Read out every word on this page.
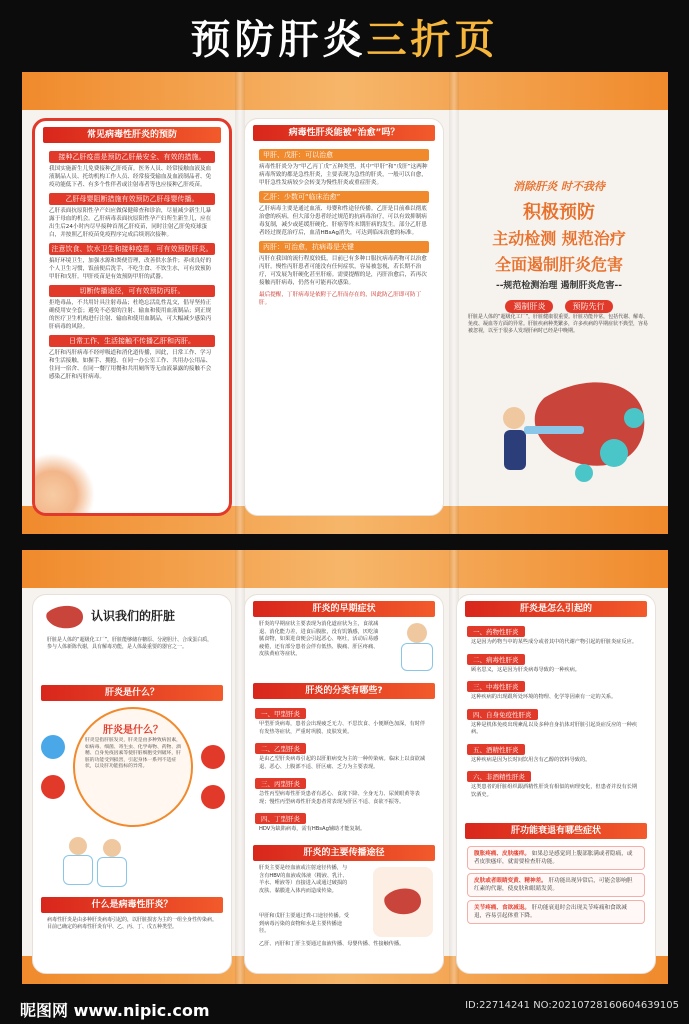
预防肝炎三折页
常见病毒性肝炎的预防
接种乙肝疫苗是预防乙肝最安全、有效的措施。
我国实施新生儿免费接种乙肝疫苗。医务人员、经常接触血液及血液制品人员、托幼机构工作人员、经常接受输血及血液制品者、免疫功能低下者、有多个性伴者或注射毒者等也应接种乙肝疫苗。
乙肝母婴阻断措施有效预防乙肝母婴传播。
乙肝表面抗原阳性孕产妇应做保健筛查和诊治，尽量减少新生儿暴露于母血的机会。乙肝病毒表面抗原阳性孕产妇所生新生儿，应在出生后24小时内尽早接种首剂乙肝疫苗，同时注射乙肝免疫球蛋白，并按照乙肝疫苗免疫程序完成后续剂次接种。
注意饮食、饮水卫生和接种疫苗，可有效预防肝炎。
搞好环境卫生，加强水源和粪便管理，改善供水条件；养成良好的个人卫生习惯，饭前便后洗手，不吃生食、不饮生水，可有效预防甲肝和戊肝。甲肝疫苗是有效预防甲肝的武器。
切断传播途径，可有效预防丙肝。
拒绝毒品，不共用针具注射毒品；杜绝忘活乱性乱交，倡导坚持正确使用安全套；避免不必要的注射、输血和使用血液制品；到正规的医疗卫生机构进行注射、输血和使用血制品，可大幅减少感染丙肝病毒的风险。
日常工作、生活接触不传播乙肝和丙肝。
乙肝和丙肝病毒不经呼吸道和消化道传播，因此，日常工作、学习和生活接触，如握手、拥抱、在同一办公室工作、共用办公用品、住同一宿舍、在同一餐厅用餐和共用厕所等无血液暴露的接触不会感染乙肝和丙肝病毒。
病毒性肝炎能被“治愈”吗？
甲肝、戊肝：可以治愈
病毒性肝炎分为“甲乙丙丁戊”五种类型，其中“甲肝”和“戊肝”这两种病毒所致的都是急性肝炎，主要表现为急性的肝炎，一般可以自愈，甲肝急性发病较少会转变为慢性肝炎或重症肝炎。
乙肝：少数可“临床治愈”
乙肝病毒主要是通过血液、母婴和性途径传播。乙肝是目前难以彻底治愈的疾病，但大部分患者经过规范的抗病毒治疗，可以有效抑制病毒复制，减少或延缓肝硬化、肝癌等终末期肝病的发生。部分乙肝患者经过规范治疗后，血清HBsAg消失，可达到临床治愈的标准。
丙肝：可治愈，抗病毒是关键
丙肝在我国的流行程度较低，目前已有多种口服抗病毒药物可以治愈丙肝。慢性丙肝患者可能没有任何症状，容易被忽视，若长期不治疗，可发展为肝硬化甚至肝癌。需要提醒的是，丙肝治愈后，若再次接触丙肝病毒，仍然有可能再次感染。
最后提醒，丁肝病毒是依附于乙肝而存在的，因此防乙肝即可防丁肝。
消除肝炎 时不我待
积极预防
主动检测 规范治疗
全面遏制肝炎危害
--规范检测治理 遏制肝炎危害--
遏制肝炎	预防先行
肝脏是人体的“超级化工厂”，肝脏健康很重要。肝脏功能异常，包括代谢、解毒、免疫、凝血等方面的异常。肝脏疾病种类繁多，许多疾病的早期症状不典型，容易被忽视，以至于很多人发现肝病时已经是中晚期。
认识我们的肝脏
肝脏是人体的“超级化工厂”，肝脏能够储存糖原、分泌胆汁、合成蛋白质，参与人体新陈代谢，具有解毒功能，是人体最重要的器官之一。
肝炎是什么？
肝炎是什么？
肝炎是指肝脏发炎，肝炎是由多种致病因素，如病毒、细菌、寄生虫、化学毒物、药物、酒精、自身免疫因素等使肝脏细胞受到破坏，肝脏的功能受到损害，引起身体一系列不适症状，以及肝功能指标的异常。
什么是病毒性肝炎？
病毒性肝炎是由多种肝炎病毒引起的，以肝脏损害为主的一组全身性传染病。目前已确定的病毒性肝炎有甲、乙、丙、丁、戊五种类型。
肝炎的早期症状
肝炎的早期症状主要表现为消化道症状为主，食欲减退、消化能力差，进食后腹胀，没有饥饿感，厌吃油腻食物，如果进食便会引起恶心、呕吐，活动后易感疲倦，还有部分患者会伴有低热、腹痛、肝区疼痛、皮肤黄疸等症状。
肝炎的分类有哪些?
一、甲型肝炎
甲型肝炎病毒，患者会出现疲乏无力、不思饮食、小便颜色加深，有时伴有发热等症状，严重时巩膜、皮肤发黄。
二、乙型肝炎
是由乙型肝炎病毒引起的以肝脏病变为主的一种传染病。临床上以食欲减退、恶心、上腹部不适、肝区痛、乏力为主要表现。
三、丙型肝炎
急性丙型病毒性肝炎患者有恶心、食欲下降、全身无力、尿黄眼黄等表现；慢性丙型病毒性肝炎患者常表现为肝区不适、食欲不振等。
四、丁型肝炎
HDV为缺陷病毒，需有HBsAg辅助才能复制。
肝炎的主要传播途径
肝炎主要是经血液或注射途径传播，与含有HBV的血液或体液（精液、乳汁、羊水、唾液等）直接进入或通过破损的皮肤、黏膜进入体内而造成传染。
甲肝和戊肝主要通过粪-口途径传播。受到病毒污染的食物和水是主要传播途径。
乙肝、丙肝和丁肝主要通过血液传播、母婴传播、性接触传播。
肝炎是怎么引起的
一、药物性肝炎
这是因为药物当中的某些成分或者其中的代谢产物引起的肝脏炎症反应。
二、病毒性肝炎
顾名思义，这是因为肝炎病毒导致的一种疾病。
三、中毒性肝炎
这种疾病的出现跟所处环境的物理、化学等因素有一定的关系。
四、自身免疫性肝炎
这种是机体免疫出现紊乱以及多种自身抗体对肝脏引起炎症反应的一种疾病。
五、酒精性肝炎
这种疾病是因为长时间饮用含有乙醇的饮料导致的。
六、非酒精性肝炎
这类患者的肝脏组织跟酒精性肝炎有相似的病理变化，但患者并没有长期饮酒史。
肝功能衰退有哪些症状
腹胀疼痛、皮肤瘙痒。 如果总是感觉到上腹部胀满或者隐痛，或者皮肤瘙痒，就需要检查肝功能。
皮肤或者眼睛变黄、精神差。 肝功能出现异常后，可能会影响胆红素的代谢，使皮肤和眼睛发黄。
关节疼痛、食欲减退。 肝功能衰退时会出现关节疼痛和食欲减退，容易引起体重下降。
昵图网 www.nipic.com	ID:22714241 NO:20210728160604639105
